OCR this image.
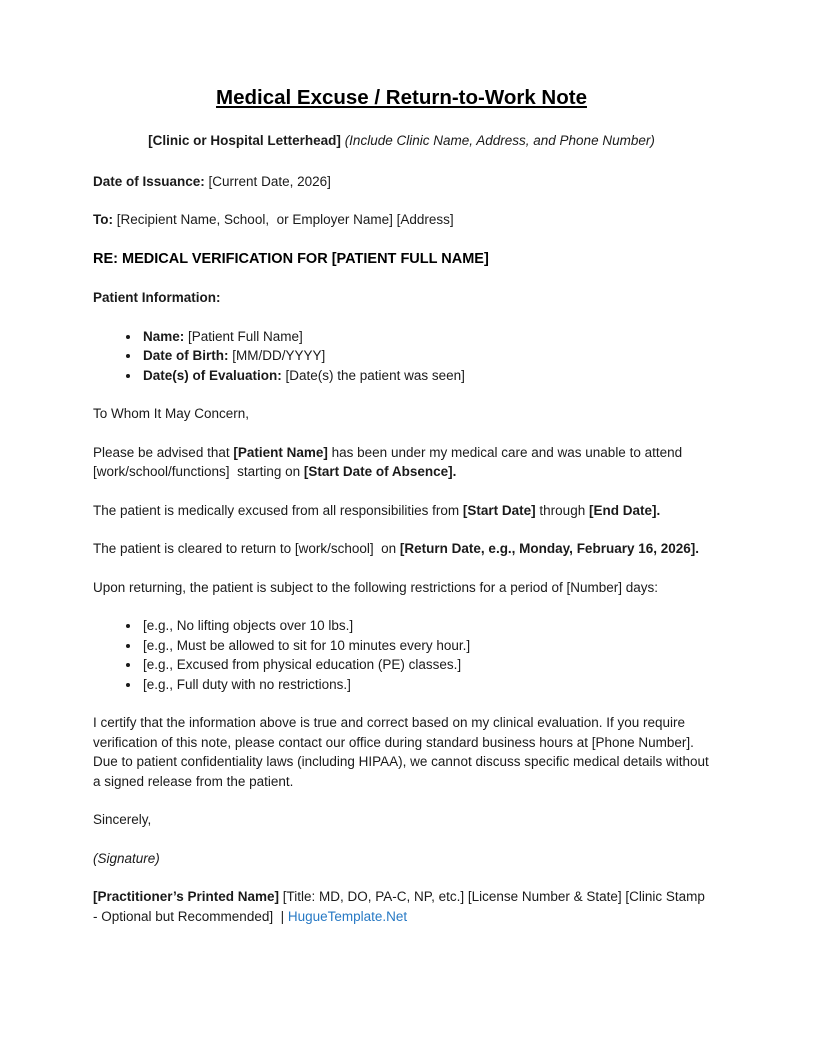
Medical Excuse / Return-to-Work Note

[Clinic or Hospital Letterhead] (Include Clinic Name, Address, and Phone Number)

Date of Issuance: [Current Date, 2026]

To: [Recipient Name, School,  or Employer Name] [Address]

RE: MEDICAL VERIFICATION FOR [PATIENT FULL NAME]

Patient Information:

• Name: [Patient Full Name]
• Date of Birth: [MM/DD/YYYY]
• Date(s) of Evaluation: [Date(s) the patient was seen]

To Whom It May Concern,

Please be advised that [Patient Name] has been under my medical care and was unable to attend [work/school/functions]  starting on [Start Date of Absence].

The patient is medically excused from all responsibilities from [Start Date] through [End Date].

The patient is cleared to return to [work/school]  on [Return Date, e.g., Monday, February 16, 2026].

Upon returning, the patient is subject to the following restrictions for a period of [Number] days:

• [e.g., No lifting objects over 10 lbs.]
• [e.g., Must be allowed to sit for 10 minutes every hour.]
• [e.g., Excused from physical education (PE) classes.]
• [e.g., Full duty with no restrictions.]

I certify that the information above is true and correct based on my clinical evaluation. If you require verification of this note, please contact our office during standard business hours at [Phone Number]. Due to patient confidentiality laws (including HIPAA), we cannot discuss specific medical details without a signed release from the patient.

Sincerely,

(Signature)

[Practitioner’s Printed Name] [Title: MD, DO, PA-C, NP, etc.] [License Number & State] [Clinic Stamp - Optional but Recommended]  | HugueTemplate.Net
